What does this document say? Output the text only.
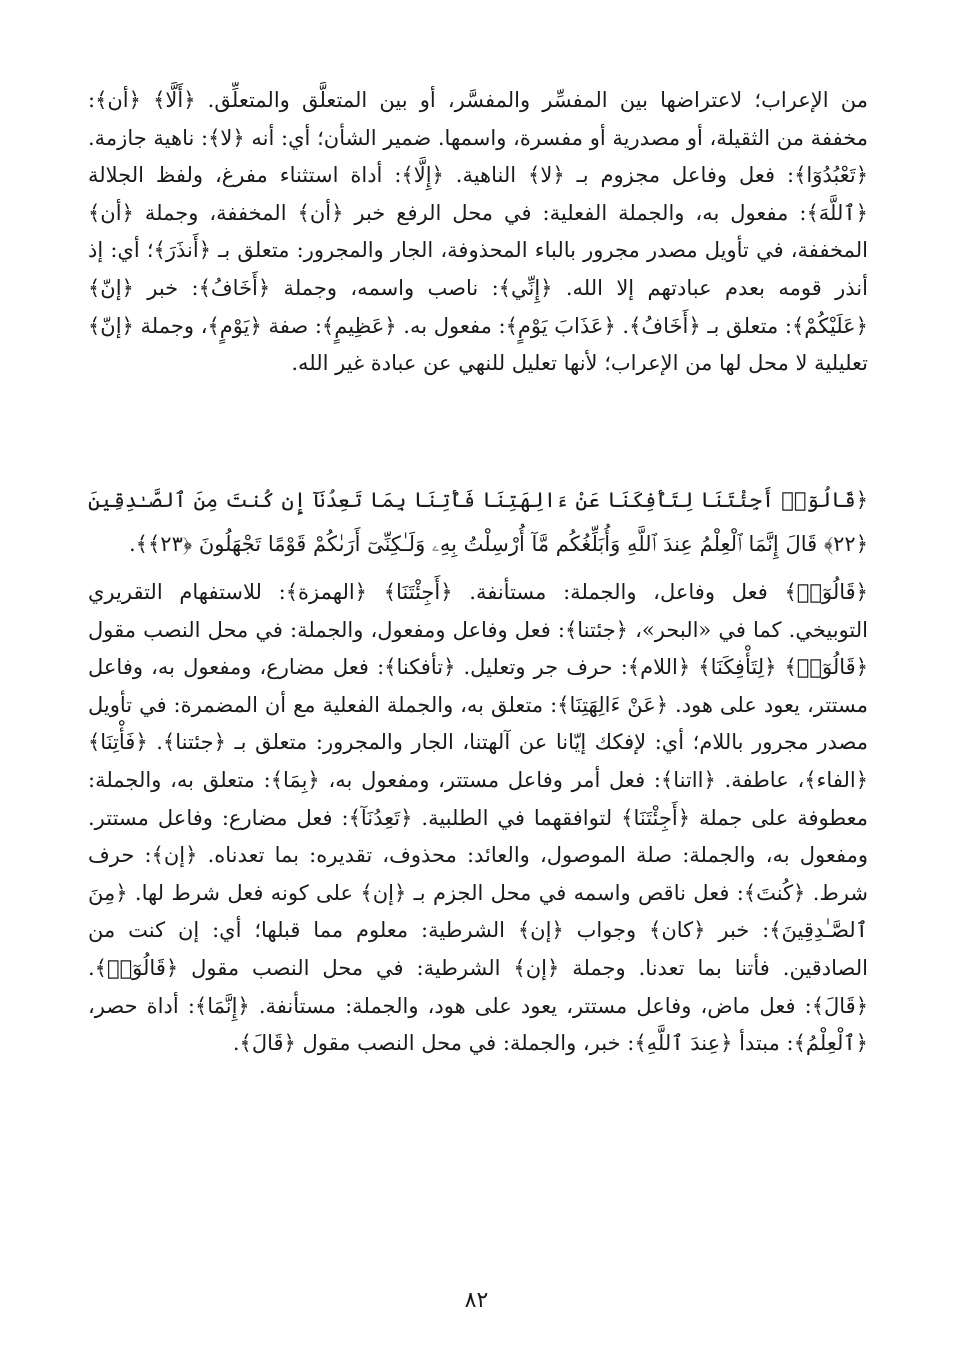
من الإعراب؛ لاعتراضها بين المفسِّر والمفسَّر، أو بين المتعلَّق والمتعلِّق. ﴿أَلَّا﴾ ﴿أن﴾: مخففة من الثقيلة، أو مصدرية أو مفسرة، واسمها. ضمير الشأن؛ أي: أنه ﴿لا﴾: ناهية جازمة. ﴿تَعْبُدُوٓا﴾: فعل وفاعل مجزوم بـ ﴿لا﴾ الناهية. ﴿إِلَّا﴾: أداة استثناء مفرغ، ولفظ الجلالة ﴿ٱللَّهَ﴾: مفعول به، والجملة الفعلية: في محل الرفع خبر ﴿أن﴾ المخففة، وجملة ﴿أن﴾ المخففة، في تأويل مصدر مجرور بالباء المحذوفة، الجار والمجرور: متعلق بـ ﴿أَنذَرَ﴾؛ أي: إذ أنذر قومه بعدم عبادتهم إلا الله. ﴿إِنِّي﴾: ناصب واسمه، وجملة ﴿أَخَافُ﴾: خبر ﴿إنّ﴾ ﴿عَلَيْكُمْ﴾: متعلق بـ ﴿أَخَافُ﴾. ﴿عَذَابَ يَوْمٍ﴾: مفعول به. ﴿عَظِيمٍ﴾: صفة ﴿يَوْمٍ﴾، وجملة ﴿إنّ﴾ تعليلية لا محل لها من الإعراب؛ لأنها تعليل للنهي عن عبادة غير الله.

﴿قَالُوٓا۟ أَجِئْتَنَا لِتَأْفِكَنَا عَنْ ءَالِهَتِنَا فَأْتِنَا بِمَا تَعِدُنَآ إِن كُنتَ مِنَ ٱلصَّـٰدِقِينَ ﴿٢٢﴾ قَالَ إِنَّمَا ٱلْعِلْمُ عِندَ ٱللَّهِ وَأُبَلِّغُكُم مَّآ أُرْسِلْتُ بِهِۦ وَلَـٰكِنِّىٓ أَرَىٰكُمْ قَوْمًا تَجْهَلُونَ ﴿٢٣﴾﴾.

﴿قَالُوٓا۟﴾ فعل وفاعل، والجملة: مستأنفة. ﴿أَجِئْتَنَا﴾ ﴿الهمزة﴾: للاستفهام التقريري التوبيخي. كما في «البحر»، ﴿جئتنا﴾: فعل وفاعل ومفعول، والجملة: في محل النصب مقول ﴿قَالُوٓا۟﴾ ﴿لِتَأْفِكَنَا﴾ ﴿اللام﴾: حرف جر وتعليل. ﴿تأفكنا﴾: فعل مضارع، ومفعول به، وفاعل مستتر، يعود على هود. ﴿عَنْ ءَالِهَتِنَا﴾: متعلق به، والجملة الفعلية مع أن المضمرة: في تأويل مصدر مجرور باللام؛ أي: لإفكك إيّانا عن آلهتنا، الجار والمجرور: متعلق بـ ﴿جئتنا﴾. ﴿فَأْتِنَا﴾ ﴿الفاء﴾، عاطفة. ﴿ااتنا﴾: فعل أمر وفاعل مستتر، ومفعول به، ﴿بِمَا﴾: متعلق به، والجملة: معطوفة على جملة ﴿أَجِئْتَنَا﴾ لتوافقهما في الطلبية. ﴿تَعِدُنَآ﴾: فعل مضارع: وفاعل مستتر. ومفعول به، والجملة: صلة الموصول، والعائد: محذوف، تقديره: بما تعدناه. ﴿إن﴾: حرف شرط. ﴿كُنتَ﴾: فعل ناقص واسمه في محل الجزم بـ ﴿إن﴾ على كونه فعل شرط لها. ﴿مِنَ ٱلصَّـٰدِقِينَ﴾: خبر ﴿كان﴾ وجواب ﴿إن﴾ الشرطية: معلوم مما قبلها؛ أي: إن كنت من الصادقين. فأتنا بما تعدنا. وجملة ﴿إن﴾ الشرطية: في محل النصب مقول ﴿قَالُوٓا۟﴾. ﴿قَالَ﴾: فعل ماض، وفاعل مستتر، يعود على هود، والجملة: مستأنفة. ﴿إِنَّمَا﴾: أداة حصر، ﴿ٱلْعِلْمُ﴾: مبتدأ ﴿عِندَ ٱللَّهِ﴾: خبر، والجملة: في محل النصب مقول ﴿قَالَ﴾.

٨٢
